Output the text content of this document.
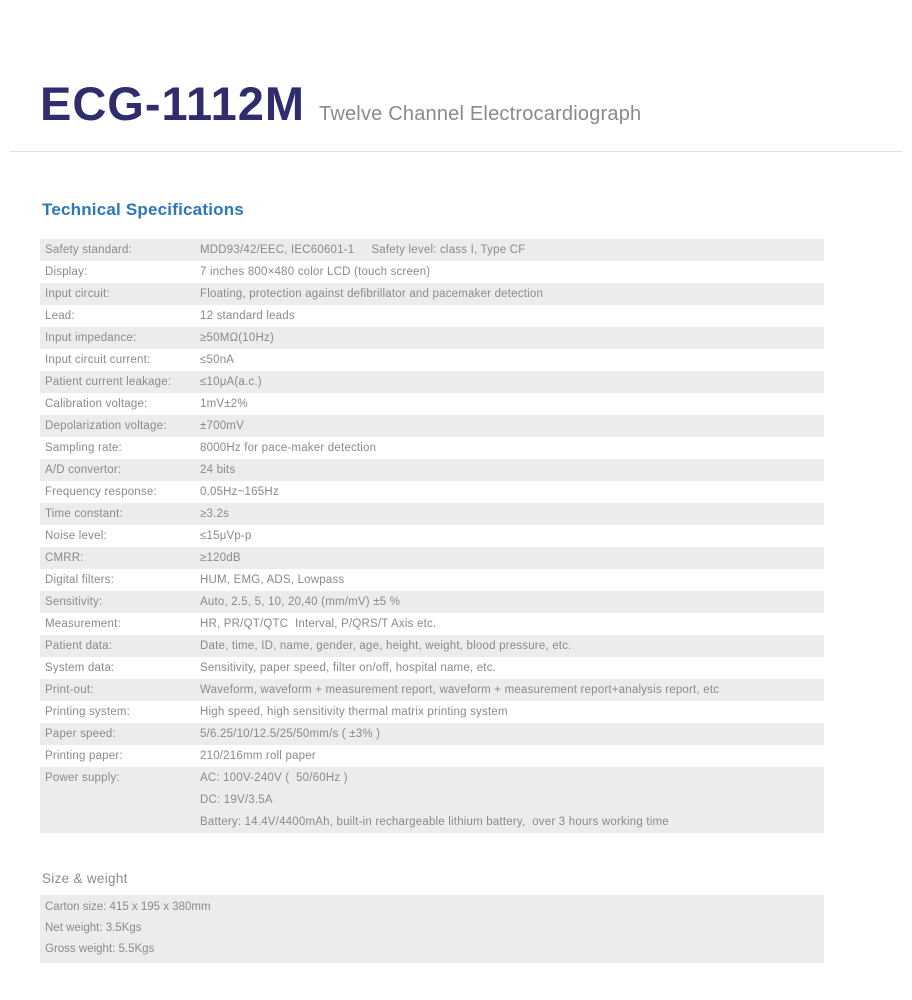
ECG-1112M Twelve Channel Electrocardiograph
Technical Specifications
Safety standard:	MDD93/42/EEC, IEC60601-1     Safety level: class I, Type CF
Display:	7 inches 800×480 color LCD (touch screen)
Input circuit:	Floating, protection against defibrillator and pacemaker detection
Lead:	12 standard leads
Input impedance:	≥50MΩ(10Hz)
Input circuit current:	≤50nA
Patient current leakage:	≤10μA(a.c.)
Calibration voltage:	1mV±2%
Depolarization voltage:	±700mV
Sampling rate:	8000Hz for pace-maker detection
A/D convertor:	24 bits
Frequency response:	0.05Hz~165Hz
Time constant:	≥3.2s
Noise level:	≤15μVp-p
CMRR:	≥120dB
Digital filters:	HUM, EMG, ADS, Lowpass
Sensitivity:	Auto, 2.5, 5, 10, 20,40 (mm/mV) ±5 %
Measurement:	HR, PR/QT/QTC  Interval, P/QRS/T Axis etc.
Patient data:	Date, time, ID, name, gender, age, height, weight, blood pressure, etc.
System data:	Sensitivity, paper speed, filter on/off, hospital name, etc.
Print-out:	Waveform, waveform + measurement report, waveform + measurement report+analysis report, etc
Printing system:	High speed, high sensitivity thermal matrix printing system
Paper speed:	5/6.25/10/12.5/25/50mm/s ( ±3% )
Printing paper:	210/216mm roll paper
Power supply:	AC: 100V-240V (  50/60Hz )
DC: 19V/3.5A
Battery: 14.4V/4400mAh, built-in rechargeable lithium battery,  over 3 hours working time
Size & weight
Carton size: 415 x 195 x 380mm
Net weight: 3.5Kgs
Gross weight: 5.5Kgs
